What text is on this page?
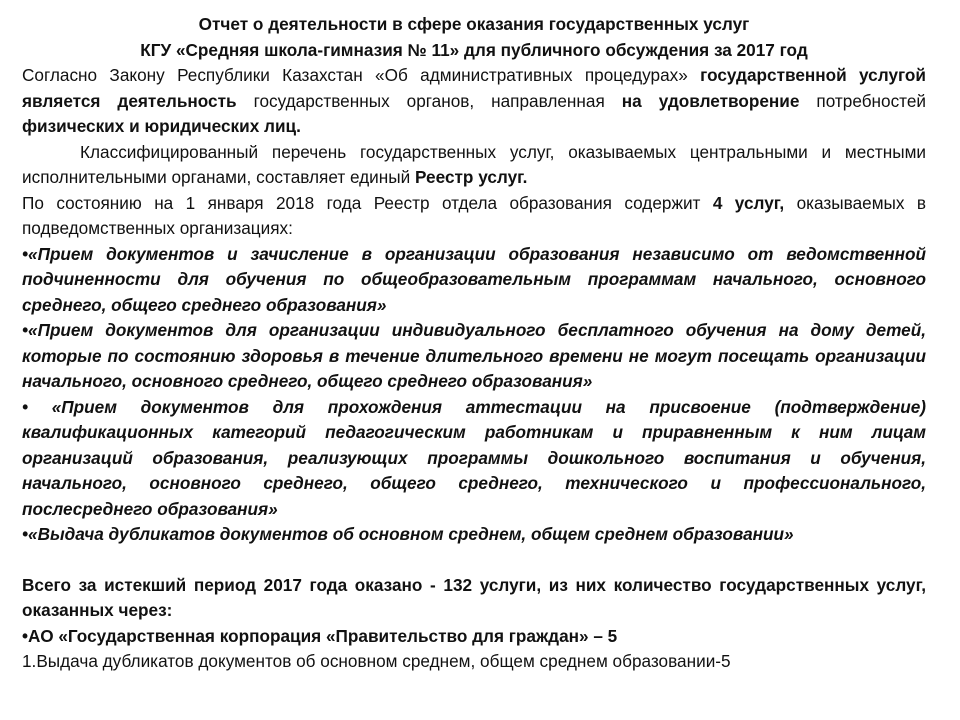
Отчет о деятельности в сфере оказания государственных услуг

КГУ «Средняя школа-гимназия № 11» для публичного обсуждения за 2017 год

Согласно Закону Республики Казахстан «Об административных процедурах» государственной услугой является деятельность государственных органов, направленная на удовлетворение потребностей физических и юридических лиц.

Классифицированный перечень государственных услуг, оказываемых центральными и местными исполнительными органами, составляет единый Реестр услуг.

По состоянию на 1 января 2018 года Реестр отдела образования содержит 4 услуг, оказываемых в подведомственных организациях:

•«Прием документов и зачисление в организации образования независимо от ведомственной подчиненности для обучения по общеобразовательным программам начального, основного среднего, общего среднего образования»

•«Прием документов для организации индивидуального бесплатного обучения на дому детей, которые по состоянию здоровья в течение длительного времени не могут посещать организации начального, основного среднего, общего среднего образования»

• «Прием документов для прохождения аттестации на присвоение (подтверждение) квалификационных категорий педагогическим работникам и приравненным к ним лицам организаций образования, реализующих программы дошкольного воспитания и обучения, начального, основного среднего, общего среднего, технического и профессионального, послесреднего образования»

•«Выдача дубликатов документов об основном среднем, общем среднем образовании»

Всего за истекший период 2017 года оказано - 132 услуги, из них количество государственных услуг, оказанных через:

•АО «Государственная корпорация «Правительство для граждан» – 5

1.Выдача дубликатов документов об основном среднем, общем среднем образовании-5
